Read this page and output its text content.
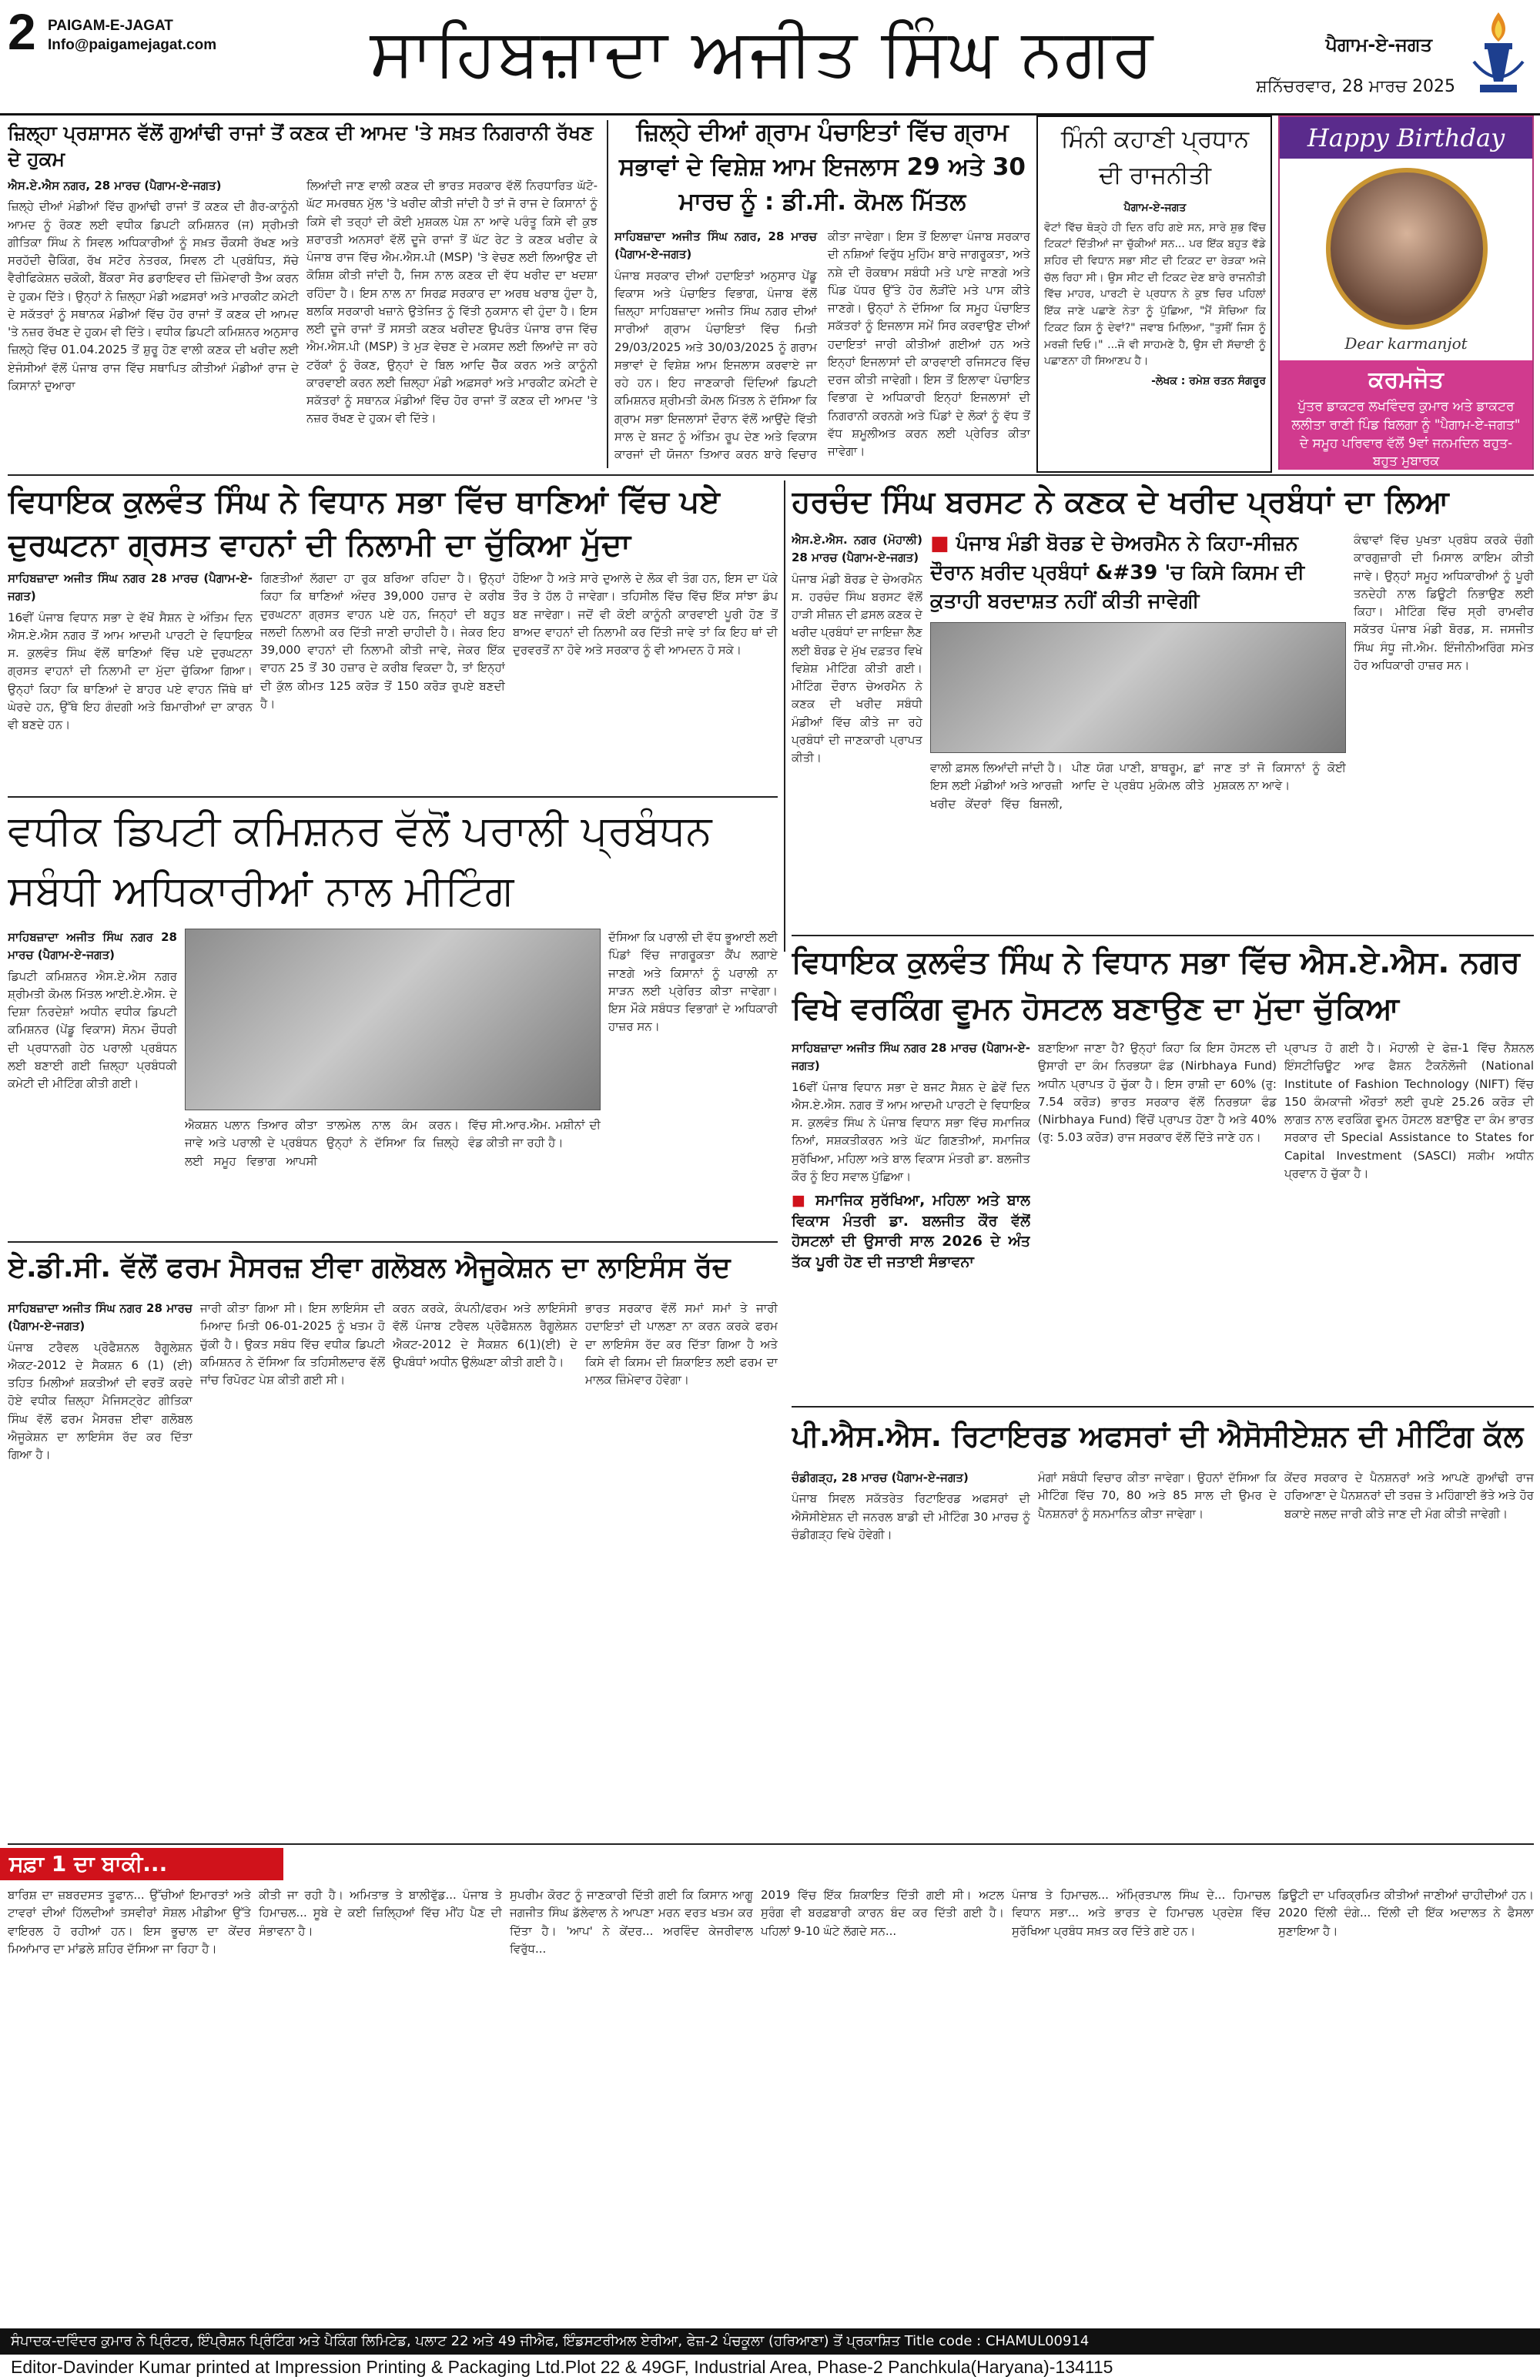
2 PAIGAM-E-JAGAT
Info@paigamejagat.com	ਸਾਹਿਬਜ਼ਾਦਾ ਅਜੀਤ ਸਿੰਘ ਨਗਰ	ਪੈਗਾਮ-ਏ-ਜਗਤ
ਸ਼ਨਿੱਚਰਵਾਰ, 28 ਮਾਰਚ 2025
ਜ਼ਿਲ੍ਹਾ ਪ੍ਰਸ਼ਾਸਨ ਵੱਲੋਂ ਗੁਆਂਢੀ ਰਾਜਾਂ ਤੋਂ ਕਣਕ ਦੀ ਆਮਦ 'ਤੇ ਸਖ਼ਤ ਨਿਗਰਾਨੀ ਰੱਖਣ ਦੇ ਹੁਕਮ

ਐਸ.ਏ.ਐਸ ਨਗਰ, 28 ਮਾਰਚ (ਪੈਗਾਮ-ਏ-ਜਗਤ)

ਜ਼ਿਲ੍ਹੇ ਦੀਆਂ ਮੰਡੀਆਂ ਵਿੱਚ ਗੁਆਂਢੀ ਰਾਜਾਂ ਤੋਂ ਕਣਕ ਦੀ ਗੈਰ-ਕਾਨੂੰਨੀ ਆਮਦ ਨੂੰ ਰੋਕਣ ਲਈ ਵਧੀਕ ਡਿਪਟੀ ਕਮਿਸ਼ਨਰ (ਜ) ਸ੍ਰੀਮਤੀ ਗੀਤਿਕਾ ਸਿੰਘ ਨੇ ਸਿਵਲ ਅਧਿਕਾਰੀਆਂ ਨੂੰ ਸਖ਼ਤ ਚੌਕਸੀ ਰੱਖਣ ਅਤੇ ਸਰਹੱਦੀ ਚੈਕਿੰਗ, ਰੱਖ ਸਟੋਰ ਨੇਤਰਕ, ਸਿਵਲ ਟੀ ਪ੍ਰਬੰਧਿਤ, ਸੱਚੇ ਵੈਰੀਫਿਕੇਸ਼ਨ ਚਕੋਕੀ, ਬੈਂਕਰਾ ਸੋਰ ਡਰਾਇਵਰ ਦੀ ਜ਼ਿੰਮੇਵਾਰੀ ਤੈਅ ਕਰਨ ਦੇ ਹੁਕਮ ਦਿੱਤੇ। ਉਨ੍ਹਾਂ ਨੇ ਜ਼ਿਲ੍ਹਾ ਮੰਡੀ ਅਫ਼ਸਰਾਂ ਅਤੇ ਮਾਰਕੀਟ ਕਮੇਟੀ ਦੇ ਸਕੱਤਰਾਂ ਨੂੰ ਸਥਾਨਕ ਮੰਡੀਆਂ ਵਿੱਚ ਹੋਰ ਰਾਜਾਂ ਤੋਂ ਕਣਕ ਦੀ ਆਮਦ 'ਤੇ ਨਜ਼ਰ ਰੱਖਣ ਦੇ ਹੁਕਮ ਵੀ ਦਿੱਤੇ। ਵਧੀਕ ਡਿਪਟੀ ਕਮਿਸ਼ਨਰ ਅਨੁਸਾਰ ਜ਼ਿਲ੍ਹੇ ਵਿੱਚ 01.04.2025 ਤੋਂ ਸ਼ੁਰੂ ਹੋਣ ਵਾਲੀ ਕਣਕ ਦੀ ਖਰੀਦ ਲਈ ਏਜੰਸੀਆਂ ਵੱਲੋਂ ਪੰਜਾਬ ਰਾਜ ਵਿੱਚ ਸਥਾਪਿਤ ਕੀਤੀਆਂ ਮੰਡੀਆਂ ਰਾਜ ਦੇ ਕਿਸਾਨਾਂ ਦੁਆਰਾ

ਲਿਆਂਦੀ ਜਾਣ ਵਾਲੀ ਕਣਕ ਦੀ ਭਾਰਤ ਸਰਕਾਰ ਵੱਲੋਂ ਨਿਰਧਾਰਿਤ ਘੱਟੋ-ਘੱਟ ਸਮਰਥਨ ਮੁੱਲ 'ਤੇ ਖਰੀਦ ਕੀਤੀ ਜਾਂਦੀ ਹੈ ਤਾਂ ਜੋ ਰਾਜ ਦੇ ਕਿਸਾਨਾਂ ਨੂੰ ਕਿਸੇ ਵੀ ਤਰ੍ਹਾਂ ਦੀ ਕੋਈ ਮੁਸ਼ਕਲ ਪੇਸ਼ ਨਾ ਆਵੇ ਪਰੰਤੂ ਕਿਸੇ ਵੀ ਕੁਝ ਸ਼ਰਾਰਤੀ ਅਨਸਰਾਂ ਵੱਲੋਂ ਦੂਜੇ ਰਾਜਾਂ ਤੋਂ ਘੱਟ ਰੇਟ ਤੇ ਕਣਕ ਖਰੀਦ ਕੇ ਪੰਜਾਬ ਰਾਜ ਵਿੱਚ ਐਮ.ਐਸ.ਪੀ (MSP) 'ਤੇ ਵੇਚਣ ਲਈ ਲਿਆਉਣ ਦੀ ਕੋਸ਼ਿਸ਼ ਕੀਤੀ ਜਾਂਦੀ ਹੈ, ਜਿਸ ਨਾਲ ਕਣਕ ਦੀ ਵੱਧ ਖਰੀਦ ਦਾ ਖਦਸ਼ਾ ਰਹਿੰਦਾ ਹੈ। ਇਸ ਨਾਲ ਨਾ ਸਿਰਫ਼ ਸਰਕਾਰ ਦਾ ਅਰਥ ਖਰਾਬ ਹੁੰਦਾ ਹੈ, ਬਲਕਿ ਸਰਕਾਰੀ ਖਜ਼ਾਨੇ ਉਤੇਜਿਤ ਨੂੰ ਵਿੱਤੀ ਨੁਕਸਾਨ ਵੀ ਹੁੰਦਾ ਹੈ। ਇਸ ਲਈ ਦੂਜੇ ਰਾਜਾਂ ਤੋਂ ਸਸਤੀ ਕਣਕ ਖਰੀਦਣ ਉਪਰੰਤ ਪੰਜਾਬ ਰਾਜ ਵਿੱਚ ਐਮ.ਐਸ.ਪੀ (MSP) ਤੇ ਮੁੜ ਵੇਚਣ ਦੇ ਮਕਸਦ ਲਈ ਲਿਆਂਦੇ ਜਾ ਰਹੇ ਟਰੱਕਾਂ ਨੂੰ ਰੋਕਣ, ਉਨ੍ਹਾਂ ਦੇ ਬਿਲ ਆਦਿ ਚੈੱਕ ਕਰਨ ਅਤੇ ਕਾਨੂੰਨੀ ਕਾਰਵਾਈ ਕਰਨ ਲਈ ਜ਼ਿਲ੍ਹਾ ਮੰਡੀ ਅਫ਼ਸਰਾਂ ਅਤੇ ਮਾਰਕੀਟ ਕਮੇਟੀ ਦੇ ਸਕੱਤਰਾਂ ਨੂੰ ਸਥਾਨਕ ਮੰਡੀਆਂ ਵਿੱਚ ਹੋਰ ਰਾਜਾਂ ਤੋਂ ਕਣਕ ਦੀ ਆਮਦ 'ਤੇ ਨਜ਼ਰ ਰੱਖਣ ਦੇ ਹੁਕਮ ਵੀ ਦਿੱਤੇ।

ਜ਼ਿਲ੍ਹੇ ਦੀਆਂ ਗ੍ਰਾਮ ਪੰਚਾਇਤਾਂ ਵਿੱਚ ਗ੍ਰਾਮ ਸਭਾਵਾਂ ਦੇ ਵਿਸ਼ੇਸ਼ ਆਮ ਇਜਲਾਸ 29 ਅਤੇ 30 ਮਾਰਚ ਨੂੰ : ਡੀ.ਸੀ. ਕੋਮਲ ਮਿੱਤਲ

ਸਾਹਿਬਜ਼ਾਦਾ ਅਜੀਤ ਸਿੰਘ ਨਗਰ, 28 ਮਾਰਚ (ਪੈਗਾਮ-ਏ-ਜਗਤ)

ਪੰਜਾਬ ਸਰਕਾਰ ਦੀਆਂ ਹਦਾਇਤਾਂ ਅਨੁਸਾਰ ਪੇਂਡੂ ਵਿਕਾਸ ਅਤੇ ਪੰਚਾਇਤ ਵਿਭਾਗ, ਪੰਜਾਬ ਵੱਲੋਂ ਜ਼ਿਲ੍ਹਾ ਸਾਹਿਬਜ਼ਾਦਾ ਅਜੀਤ ਸਿੰਘ ਨਗਰ ਦੀਆਂ ਸਾਰੀਆਂ ਗ੍ਰਾਮ ਪੰਚਾਇਤਾਂ ਵਿੱਚ ਮਿਤੀ 29/03/2025 ਅਤੇ 30/03/2025 ਨੂੰ ਗਰਾਮ ਸਭਾਵਾਂ ਦੇ ਵਿਸ਼ੇਸ਼ ਆਮ ਇਜਲਾਸ ਕਰਵਾਏ ਜਾ ਰਹੇ ਹਨ। ਇਹ ਜਾਣਕਾਰੀ ਦਿੰਦਿਆਂ ਡਿਪਟੀ ਕਮਿਸ਼ਨਰ ਸ਼੍ਰੀਮਤੀ ਕੋਮਲ ਮਿੱਤਲ ਨੇ ਦੱਸਿਆ ਕਿ ਗ੍ਰਾਮ ਸਭਾ ਇਜਲਾਸਾਂ ਦੌਰਾਨ ਵੱਲੋਂ ਆਉਂਦੇ ਵਿੱਤੀ ਸਾਲ ਦੇ ਬਜਟ ਨੂੰ ਅੰਤਿਮ ਰੂਪ ਦੇਣ ਅਤੇ ਵਿਕਾਸ ਕਾਰਜਾਂ ਦੀ ਯੋਜਨਾ ਤਿਆਰ ਕਰਨ ਬਾਰੇ ਵਿਚਾਰ ਕੀਤਾ ਜਾਵੇਗਾ। ਇਸ ਤੋਂ ਇਲਾਵਾ ਪੰਜਾਬ ਸਰਕਾਰ ਦੀ ਨਸ਼ਿਆਂ ਵਿਰੁੱਧ ਮੁਹਿੰਮ ਬਾਰੇ ਜਾਗਰੂਕਤਾ, ਅਤੇ ਨਸ਼ੇ ਦੀ ਰੋਕਥਾਮ ਸਬੰਧੀ ਮਤੇ ਪਾਏ ਜਾਣਗੇ ਅਤੇ ਪਿੰਡ ਪੱਧਰ ਉੱਤੇ ਹੋਰ ਲੋੜੀਂਦੇ ਮਤੇ ਪਾਸ ਕੀਤੇ ਜਾਣਗੇ। ਉਨ੍ਹਾਂ ਨੇ ਦੱਸਿਆ ਕਿ ਸਮੂਹ ਪੰਚਾਇਤ ਸਕੱਤਰਾਂ ਨੂੰ ਇਜਲਾਸ ਸਮੇਂ ਸਿਰ ਕਰਵਾਉਣ ਦੀਆਂ ਹਦਾਇਤਾਂ ਜਾਰੀ ਕੀਤੀਆਂ ਗਈਆਂ ਹਨ ਅਤੇ ਇਨ੍ਹਾਂ ਇਜਲਾਸਾਂ ਦੀ ਕਾਰਵਾਈ ਰਜਿਸਟਰ ਵਿੱਚ ਦਰਜ ਕੀਤੀ ਜਾਵੇਗੀ। ਇਸ ਤੋਂ ਇਲਾਵਾ ਪੰਚਾਇਤ ਵਿਭਾਗ ਦੇ ਅਧਿਕਾਰੀ ਇਨ੍ਹਾਂ ਇਜਲਾਸਾਂ ਦੀ ਨਿਗਰਾਨੀ ਕਰਨਗੇ ਅਤੇ ਪਿੰਡਾਂ ਦੇ ਲੋਕਾਂ ਨੂੰ ਵੱਧ ਤੋਂ ਵੱਧ ਸ਼ਮੂਲੀਅਤ ਕਰਨ ਲਈ ਪ੍ਰੇਰਿਤ ਕੀਤਾ ਜਾਵੇਗਾ।

ਮਿੰਨੀ ਕਹਾਣੀ ਪ੍ਰਧਾਨ ਦੀ ਰਾਜਨੀਤੀ

ਪੈਗਾਮ-ਏ-ਜਗਤ

ਵੋਟਾਂ ਵਿੱਚ ਥੋੜ੍ਹੇ ਹੀ ਦਿਨ ਰਹਿ ਗਏ ਸਨ, ਸਾਰੇ ਸ਼ੁਭ ਵਿੱਚ ਟਿਕਟਾਂ ਦਿੱਤੀਆਂ ਜਾ ਚੁੱਕੀਆਂ ਸਨ... ਪਰ ਇੱਕ ਬਹੁਤ ਵੱਡੇ ਸ਼ਹਿਰ ਦੀ ਵਿਧਾਨ ਸਭਾ ਸੀਟ ਦੀ ਟਿਕਟ ਦਾ ਰੇੜਕਾ ਅਜੇ ਚੱਲ ਰਿਹਾ ਸੀ। ਉਸ ਸੀਟ ਦੀ ਟਿਕਟ ਦੇਣ ਬਾਰੇ ਰਾਜਨੀਤੀ ਵਿੱਚ ਮਾਹਰ, ਪਾਰਟੀ ਦੇ ਪ੍ਰਧਾਨ ਨੇ ਕੁਝ ਚਿਰ ਪਹਿਲਾਂ ਇੱਕ ਜਾਣੇ ਪਛਾਣੇ ਨੇਤਾ ਨੂੰ ਪੁੱਛਿਆ, "ਮੈਂ ਸੋਚਿਆ ਕਿ ਟਿਕਟ ਕਿਸ ਨੂੰ ਦੇਵਾਂ?" ਜਵਾਬ ਮਿਲਿਆ, "ਤੁਸੀਂ ਜਿਸ ਨੂੰ ਮਰਜ਼ੀ ਦਿਓ।" ...ਜੋ ਵੀ ਸਾਹਮਣੇ ਹੈ, ਉਸ ਦੀ ਸੱਚਾਈ ਨੂੰ ਪਛਾਣਨਾ ਹੀ ਸਿਆਣਪ ਹੈ।

-ਲੇਖਕ : ਰਮੇਸ਼ ਰਤਨ ਸੰਗਰੂਰ

Happy Birthday
Dear karmanjot
ਕਰਮਜੋਤ
ਪੁੱਤਰ ਡਾਕਟਰ ਲਖਵਿੰਦਰ ਕੁਮਾਰ ਅਤੇ ਡਾਕਟਰ ਲਲੀਤਾ ਰਾਣੀ ਪਿੰਡ ਬਿਲਗਾ ਨੂੰ "ਪੈਗਾਮ-ਏ-ਜਗਤ" ਦੇ ਸਮੂਹ ਪਰਿਵਾਰ ਵੱਲੋਂ 9ਵਾਂ ਜਨਮਦਿਨ ਬਹੁਤ-ਬਹੁਤ ਮੁਬਾਰਕ
ਵਿਧਾਇਕ ਕੁਲਵੰਤ ਸਿੰਘ ਨੇ ਵਿਧਾਨ ਸਭਾ ਵਿੱਚ ਥਾਣਿਆਂ ਵਿੱਚ ਪਏ ਦੁਰਘਟਨਾ ਗ੍ਰਸਤ ਵਾਹਨਾਂ ਦੀ ਨਿਲਾਮੀ ਦਾ ਚੁੱਕਿਆ ਮੁੱਦਾ

ਸਾਹਿਬਜ਼ਾਦਾ ਅਜੀਤ ਸਿੰਘ ਨਗਰ 28 ਮਾਰਚ (ਪੈਗਾਮ-ਏ-ਜਗਤ)

16ਵੀਂ ਪੰਜਾਬ ਵਿਧਾਨ ਸਭਾ ਦੇ ਵੱਖੋਂ ਸੈਸ਼ਨ ਦੇ ਅੰਤਿਮ ਦਿਨ ਐਸ.ਏ.ਐਸ ਨਗਰ ਤੋਂ ਆਮ ਆਦਮੀ ਪਾਰਟੀ ਦੇ ਵਿਧਾਇਕ ਸ. ਕੁਲਵੰਤ ਸਿੰਘ ਵੱਲੋਂ ਥਾਣਿਆਂ ਵਿੱਚ ਪਏ ਦੁਰਘਟਨਾ ਗ੍ਰਸਤ ਵਾਹਨਾਂ ਦੀ ਨਿਲਾਮੀ ਦਾ ਮੁੱਦਾ ਚੁੱਕਿਆ ਗਿਆ। ਉਨ੍ਹਾਂ ਕਿਹਾ ਕਿ ਥਾਣਿਆਂ ਦੇ ਬਾਹਰ ਪਏ ਵਾਹਨ ਜਿੱਥੇ ਥਾਂ ਘੇਰਦੇ ਹਨ, ਉੱਥੇ ਇਹ ਗੰਦਗੀ ਅਤੇ ਬਿਮਾਰੀਆਂ ਦਾ ਕਾਰਨ ਵੀ ਬਣਦੇ ਹਨ।

ਗਿਣਤੀਆਂ ਲੱਗਦਾ ਹਾ ਰੁਕ ਬਰਿਆ ਰਹਿਦਾ ਹੈ। ਉਨ੍ਹਾਂ ਕਿਹਾ ਕਿ ਥਾਣਿਆਂ ਅੰਦਰ 39,000 ਹਜ਼ਾਰ ਦੇ ਕਰੀਬ ਦੁਰਘਟਨਾ ਗ੍ਰਸਤ ਵਾਹਨ ਪਏ ਹਨ, ਜਿਨ੍ਹਾਂ ਦੀ ਬਹੁਤ ਜਲਦੀ ਨਿਲਾਮੀ ਕਰ ਦਿੱਤੀ ਜਾਣੀ ਚਾਹੀਦੀ ਹੈ। ਜੇਕਰ ਇਹ 39,000 ਵਾਹਨਾਂ ਦੀ ਨਿਲਾਮੀ ਕੀਤੀ ਜਾਵੇ, ਜੇਕਰ ਇੱਕ ਵਾਹਨ 25 ਤੋਂ 30 ਹਜ਼ਾਰ ਦੇ ਕਰੀਬ ਵਿਕਦਾ ਹੈ, ਤਾਂ ਇਨ੍ਹਾਂ ਦੀ ਕੁੱਲ ਕੀਮਤ 125 ਕਰੋੜ ਤੋਂ 150 ਕਰੋੜ ਰੁਪਏ ਬਣਦੀ ਹੈ।

ਹੋਇਆ ਹੈ ਅਤੇ ਸਾਰੇ ਦੁਆਲੇ ਦੇ ਲੋਕ ਵੀ ਤੰਗ ਹਨ, ਇਸ ਦਾ ਪੱਕੇ ਤੌਰ ਤੇ ਹੱਲ ਹੋ ਜਾਵੇਗਾ। ਤਹਿਸੀਲ ਵਿੱਚ ਵਿੱਚ ਇੱਕ ਸਾਂਝਾ ਡੰਪ ਬਣ ਜਾਵੇਗਾ। ਜਦੋਂ ਵੀ ਕੋਈ ਕਾਨੂੰਨੀ ਕਾਰਵਾਈ ਪੂਰੀ ਹੋਣ ਤੋਂ ਬਾਅਦ ਵਾਹਨਾਂ ਦੀ ਨਿਲਾਮੀ ਕਰ ਦਿੱਤੀ ਜਾਵੇ ਤਾਂ ਕਿ ਇਹ ਥਾਂ ਦੀ ਦੁਰਵਰਤੋਂ ਨਾ ਹੋਵੇ ਅਤੇ ਸਰਕਾਰ ਨੂੰ ਵੀ ਆਮਦਨ ਹੋ ਸਕੇ।

ਹਰਚੰਦ ਸਿੰਘ ਬਰਸਟ ਨੇ ਕਣਕ ਦੇ ਖਰੀਦ ਪ੍ਰਬੰਧਾਂ ਦਾ ਲਿਆ

ਐਸ.ਏ.ਐਸ. ਨਗਰ (ਮੋਹਾਲੀ) 28 ਮਾਰਚ (ਪੈਗਾਮ-ਏ-ਜਗਤ)

ਪੰਜਾਬ ਮੰਡੀ ਬੋਰਡ ਦੇ ਚੇਅਰਮੈਨ ਸ. ਹਰਚੰਦ ਸਿੰਘ ਬਰਸਟ ਵੱਲੋਂ ਹਾੜੀ ਸੀਜ਼ਨ ਦੀ ਫ਼ਸਲ ਕਣਕ ਦੇ ਖਰੀਦ ਪ੍ਰਬੰਧਾਂ ਦਾ ਜਾਇਜ਼ਾ ਲੈਣ ਲਈ ਬੋਰਡ ਦੇ ਮੁੱਖ ਦਫ਼ਤਰ ਵਿਖੇ ਵਿਸ਼ੇਸ਼ ਮੀਟਿੰਗ ਕੀਤੀ ਗਈ। ਮੀਟਿੰਗ ਦੌਰਾਨ ਚੇਅਰਮੈਨ ਨੇ ਕਣਕ ਦੀ ਖਰੀਦ ਸਬੰਧੀ ਮੰਡੀਆਂ ਵਿੱਚ ਕੀਤੇ ਜਾ ਰਹੇ ਪ੍ਰਬੰਧਾਂ ਦੀ ਜਾਣਕਾਰੀ ਪ੍ਰਾਪਤ ਕੀਤੀ।

■ ਪੰਜਾਬ ਮੰਡੀ ਬੋਰਡ ਦੇ ਚੇਅਰਮੈਨ ਨੇ ਕਿਹਾ-ਸੀਜ਼ਨ ਦੌਰਾਨ ਖ਼ਰੀਦ ਪ੍ਰਬੰਧਾਂ &#39 'ਚ ਕਿਸੇ ਕਿਸਮ ਦੀ ਕੁਤਾਹੀ ਬਰਦਾਸ਼ਤ ਨਹੀਂ ਕੀਤੀ ਜਾਵੇਗੀ

ਵਾਲੀ ਫ਼ਸਲ ਲਿਆਂਦੀ ਜਾਂਦੀ ਹੈ। ਇਸ ਲਈ ਮੰਡੀਆਂ ਅਤੇ ਆਰਜ਼ੀ ਖਰੀਦ ਕੇਂਦਰਾਂ ਵਿੱਚ ਬਿਜਲੀ, ਪੀਣ ਯੋਗ ਪਾਣੀ, ਬਾਥਰੂਮ, ਛਾਂ ਆਦਿ ਦੇ ਪ੍ਰਬੰਧ ਮੁਕੰਮਲ ਕੀਤੇ ਜਾਣ ਤਾਂ ਜੋ ਕਿਸਾਨਾਂ ਨੂੰ ਕੋਈ ਮੁਸ਼ਕਲ ਨਾ ਆਵੇ।

ਕੰਢਾਵਾਂ ਵਿੱਚ ਪੁਖਤਾ ਪ੍ਰਬੰਧ ਕਰਕੇ ਚੰਗੀ ਕਾਰਗੁਜ਼ਾਰੀ ਦੀ ਮਿਸਾਲ ਕਾਇਮ ਕੀਤੀ ਜਾਵੇ। ਉਨ੍ਹਾਂ ਸਮੂਹ ਅਧਿਕਾਰੀਆਂ ਨੂੰ ਪੂਰੀ ਤਨਦੇਹੀ ਨਾਲ ਡਿਊਟੀ ਨਿਭਾਉਣ ਲਈ ਕਿਹਾ। ਮੀਟਿੰਗ ਵਿੱਚ ਸ੍ਰੀ ਰਾਮਵੀਰ ਸਕੱਤਰ ਪੰਜਾਬ ਮੰਡੀ ਬੋਰਡ, ਸ. ਜਸਜੀਤ ਸਿੰਘ ਸੰਧੂ ਜੀ.ਐਮ. ਇੰਜੀਨੀਅਰਿੰਗ ਸਮੇਤ ਹੋਰ ਅਧਿਕਾਰੀ ਹਾਜ਼ਰ ਸਨ।

ਵਧੀਕ ਡਿਪਟੀ ਕਮਿਸ਼ਨਰ ਵੱਲੋਂ ਪਰਾਲੀ ਪ੍ਰਬੰਧਨ ਸਬੰਧੀ ਅਧਿਕਾਰੀਆਂ ਨਾਲ ਮੀਟਿੰਗ

ਸਾਹਿਬਜ਼ਾਦਾ ਅਜੀਤ ਸਿੰਘ ਨਗਰ 28 ਮਾਰਚ (ਪੈਗਾਮ-ਏ-ਜਗਤ)

ਡਿਪਟੀ ਕਮਿਸ਼ਨਰ ਐਸ.ਏ.ਐਸ ਨਗਰ ਸ਼੍ਰੀਮਤੀ ਕੋਮਲ ਮਿੱਤਲ ਆਈ.ਏ.ਐਸ. ਦੇ ਦਿਸ਼ਾ ਨਿਰਦੇਸ਼ਾਂ ਅਧੀਨ ਵਧੀਕ ਡਿਪਟੀ ਕਮਿਸ਼ਨਰ (ਪੇਂਡੂ ਵਿਕਾਸ) ਸੋਨਮ ਚੌਧਰੀ ਦੀ ਪ੍ਰਧਾਨਗੀ ਹੇਠ ਪਰਾਲੀ ਪ੍ਰਬੰਧਨ ਲਈ ਬਣਾਈ ਗਈ ਜ਼ਿਲ੍ਹਾ ਪ੍ਰਬੰਧਕੀ ਕਮੇਟੀ ਦੀ ਮੀਟਿੰਗ ਕੀਤੀ ਗਈ।

ਐਕਸ਼ਨ ਪਲਾਨ ਤਿਆਰ ਕੀਤਾ ਜਾਵੇ ਅਤੇ ਪਰਾਲੀ ਦੇ ਪ੍ਰਬੰਧਨ ਲਈ ਸਮੂਹ ਵਿਭਾਗ ਆਪਸੀ ਤਾਲਮੇਲ ਨਾਲ ਕੰਮ ਕਰਨ। ਉਨ੍ਹਾਂ ਨੇ ਦੱਸਿਆ ਕਿ ਜ਼ਿਲ੍ਹੇ ਵਿੱਚ ਸੀ.ਆਰ.ਐਮ. ਮਸ਼ੀਨਾਂ ਦੀ ਵੰਡ ਕੀਤੀ ਜਾ ਰਹੀ ਹੈ।

ਦੱਸਿਆ ਕਿ ਪਰਾਲੀ ਦੀ ਵੱਧ ਭੂਆਈ ਲਈ ਪਿੰਡਾਂ ਵਿੱਚ ਜਾਗਰੂਕਤਾ ਕੈਂਪ ਲਗਾਏ ਜਾਣਗੇ ਅਤੇ ਕਿਸਾਨਾਂ ਨੂੰ ਪਰਾਲੀ ਨਾ ਸਾੜਨ ਲਈ ਪ੍ਰੇਰਿਤ ਕੀਤਾ ਜਾਵੇਗਾ। ਇਸ ਮੌਕੇ ਸਬੰਧਤ ਵਿਭਾਗਾਂ ਦੇ ਅਧਿਕਾਰੀ ਹਾਜ਼ਰ ਸਨ।

ਵਿਧਾਇਕ ਕੁਲਵੰਤ ਸਿੰਘ ਨੇ ਵਿਧਾਨ ਸਭਾ ਵਿੱਚ ਐਸ.ਏ.ਐਸ. ਨਗਰ ਵਿਖੇ ਵਰਕਿੰਗ ਵੂਮਨ ਹੋਸਟਲ ਬਣਾਉਣ ਦਾ ਮੁੱਦਾ ਚੁੱਕਿਆ

ਸਾਹਿਬਜ਼ਾਦਾ ਅਜੀਤ ਸਿੰਘ ਨਗਰ 28 ਮਾਰਚ (ਪੈਗਾਮ-ਏ-ਜਗਤ)

16ਵੀਂ ਪੰਜਾਬ ਵਿਧਾਨ ਸਭਾ ਦੇ ਬਜਟ ਸੈਸ਼ਨ ਦੇ ਛੇਵੇਂ ਦਿਨ ਐਸ.ਏ.ਐਸ. ਨਗਰ ਤੋਂ ਆਮ ਆਦਮੀ ਪਾਰਟੀ ਦੇ ਵਿਧਾਇਕ ਸ. ਕੁਲਵੰਤ ਸਿੰਘ ਨੇ ਪੰਜਾਬ ਵਿਧਾਨ ਸਭਾ ਵਿੱਚ ਸਮਾਜਿਕ ਨਿਆਂ, ਸਸ਼ਕਤੀਕਰਨ ਅਤੇ ਘੱਟ ਗਿਣਤੀਆਂ, ਸਮਾਜਿਕ ਸੁਰੱਖਿਆ, ਮਹਿਲਾ ਅਤੇ ਬਾਲ ਵਿਕਾਸ ਮੰਤਰੀ ਡਾ. ਬਲਜੀਤ ਕੌਰ ਨੂੰ ਇਹ ਸਵਾਲ ਪੁੱਛਿਆ।

■ ਸਮਾਜਿਕ ਸੁਰੱਖਿਆ, ਮਹਿਲਾ ਅਤੇ ਬਾਲ ਵਿਕਾਸ ਮੰਤਰੀ ਡਾ. ਬਲਜੀਤ ਕੌਰ ਵੱਲੋਂ ਹੋਸਟਲਾਂ ਦੀ ਉਸਾਰੀ ਸਾਲ 2026 ਦੇ ਅੰਤ ਤੱਕ ਪੂਰੀ ਹੋਣ ਦੀ ਜਤਾਈ ਸੰਭਾਵਨਾ

ਬਣਾਇਆ ਜਾਣਾ ਹੈ? ਉਨ੍ਹਾਂ ਕਿਹਾ ਕਿ ਇਸ ਹੋਸਟਲ ਦੀ ਉਸਾਰੀ ਦਾ ਕੰਮ ਨਿਰਭਯਾ ਫੰਡ (Nirbhaya Fund) ਅਧੀਨ ਪ੍ਰਾਪਤ ਹੋ ਚੁੱਕਾ ਹੈ। ਇਸ ਰਾਸ਼ੀ ਦਾ 60% (ਰੁ: 7.54 ਕਰੋੜ) ਭਾਰਤ ਸਰਕਾਰ ਵੱਲੋਂ ਨਿਰਭਯਾ ਫੰਡ (Nirbhaya Fund) ਵਿੱਚੋਂ ਪ੍ਰਾਪਤ ਹੋਣਾ ਹੈ ਅਤੇ 40% (ਰੁ: 5.03 ਕਰੋੜ) ਰਾਜ ਸਰਕਾਰ ਵੱਲੋਂ ਦਿੱਤੇ ਜਾਣੇ ਹਨ।

ਪ੍ਰਾਪਤ ਹੋ ਗਈ ਹੈ। ਮੋਹਾਲੀ ਦੇ ਫੇਜ਼-1 ਵਿੱਚ ਨੈਸ਼ਨਲ ਇੰਸਟੀਚਿਊਟ ਆਫ ਫੈਸ਼ਨ ਟੈਕਨੋਲੋਜੀ (National Institute of Fashion Technology (NIFT) ਵਿੱਚ 150 ਕੰਮਕਾਜੀ ਔਰਤਾਂ ਲਈ ਰੁਪਏ 25.26 ਕਰੋੜ ਦੀ ਲਾਗਤ ਨਾਲ ਵਰਕਿੰਗ ਵੂਮਨ ਹੋਸਟਲ ਬਣਾਉਣ ਦਾ ਕੰਮ ਭਾਰਤ ਸਰਕਾਰ ਦੀ Special Assistance to States for Capital Investment (SASCI) ਸਕੀਮ ਅਧੀਨ ਪ੍ਰਵਾਨ ਹੋ ਚੁੱਕਾ ਹੈ।

ਏ.ਡੀ.ਸੀ. ਵੱਲੋਂ ਫਰਮ ਮੈਸਰਜ਼ ਈਵਾ ਗਲੋਬਲ ਐਜੂਕੇਸ਼ਨ ਦਾ ਲਾਇਸੰਸ ਰੱਦ

ਸਾਹਿਬਜ਼ਾਦਾ ਅਜੀਤ ਸਿੰਘ ਨਗਰ 28 ਮਾਰਚ (ਪੈਗਾਮ-ਏ-ਜਗਤ)

ਪੰਜਾਬ ਟਰੈਵਲ ਪ੍ਰੋਫੈਸ਼ਨਲ ਰੈਗੂਲੇਸ਼ਨ ਐਕਟ-2012 ਦੇ ਸੈਕਸ਼ਨ 6 (1) (ਈ) ਤਹਿਤ ਮਿਲੀਆਂ ਸ਼ਕਤੀਆਂ ਦੀ ਵਰਤੋਂ ਕਰਦੇ ਹੋਏ ਵਧੀਕ ਜ਼ਿਲ੍ਹਾ ਮੈਜਿਸਟ੍ਰੇਟ ਗੀਤਿਕਾ ਸਿੰਘ ਵੱਲੋਂ ਫਰਮ ਮੈਸਰਜ਼ ਈਵਾ ਗਲੋਬਲ ਐਜੂਕੇਸ਼ਨ ਦਾ ਲਾਇਸੰਸ ਰੱਦ ਕਰ ਦਿੱਤਾ ਗਿਆ ਹੈ।

ਜਾਰੀ ਕੀਤਾ ਗਿਆ ਸੀ। ਇਸ ਲਾਇਸੰਸ ਦੀ ਮਿਆਦ ਮਿਤੀ 06-01-2025 ਨੂੰ ਖਤਮ ਹੋ ਚੁੱਕੀ ਹੈ। ਉਕਤ ਸਬੰਧ ਵਿੱਚ ਵਧੀਕ ਡਿਪਟੀ ਕਮਿਸ਼ਨਰ ਨੇ ਦੱਸਿਆ ਕਿ ਤਹਿਸੀਲਦਾਰ ਵੱਲੋਂ ਜਾਂਚ ਰਿਪੋਰਟ ਪੇਸ਼ ਕੀਤੀ ਗਈ ਸੀ।

ਕਰਨ ਕਰਕੇ, ਕੰਪਨੀ/ਫਰਮ ਅਤੇ ਲਾਇਸੰਸੀ ਵੱਲੋਂ ਪੰਜਾਬ ਟਰੈਵਲ ਪ੍ਰੋਫੈਸ਼ਨਲ ਰੈਗੂਲੇਸ਼ਨ ਐਕਟ-2012 ਦੇ ਸੈਕਸ਼ਨ 6(1)(ਈ) ਦੇ ਉਪਬੰਧਾਂ ਅਧੀਨ ਉਲੰਘਣਾ ਕੀਤੀ ਗਈ ਹੈ।

ਭਾਰਤ ਸਰਕਾਰ ਵੱਲੋਂ ਸਮਾਂ ਸਮਾਂ ਤੇ ਜਾਰੀ ਹਦਾਇਤਾਂ ਦੀ ਪਾਲਣਾ ਨਾ ਕਰਨ ਕਰਕੇ ਫਰਮ ਦਾ ਲਾਇਸੰਸ ਰੱਦ ਕਰ ਦਿੱਤਾ ਗਿਆ ਹੈ ਅਤੇ ਕਿਸੇ ਵੀ ਕਿਸਮ ਦੀ ਸ਼ਿਕਾਇਤ ਲਈ ਫਰਮ ਦਾ ਮਾਲਕ ਜ਼ਿੰਮੇਵਾਰ ਹੋਵੇਗਾ।

ਪੀ.ਐਸ.ਐਸ. ਰਿਟਾਇਰਡ ਅਫਸਰਾਂ ਦੀ ਐਸੋਸੀਏਸ਼ਨ ਦੀ ਮੀਟਿੰਗ ਕੱਲ

ਚੰਡੀਗੜ੍ਹ, 28 ਮਾਰਚ (ਪੈਗਾਮ-ਏ-ਜਗਤ)

ਪੰਜਾਬ ਸਿਵਲ ਸਕੱਤਰੇਤ ਰਿਟਾਇਰਡ ਅਫਸਰਾਂ ਦੀ ਐਸੋਸੀਏਸ਼ਨ ਦੀ ਜਨਰਲ ਬਾਡੀ ਦੀ ਮੀਟਿੰਗ 30 ਮਾਰਚ ਨੂੰ ਚੰਡੀਗੜ੍ਹ ਵਿਖੇ ਹੋਵੇਗੀ।

ਮੰਗਾਂ ਸਬੰਧੀ ਵਿਚਾਰ ਕੀਤਾ ਜਾਵੇਗਾ। ਉਹਨਾਂ ਦੱਸਿਆ ਕਿ ਮੀਟਿੰਗ ਵਿੱਚ 70, 80 ਅਤੇ 85 ਸਾਲ ਦੀ ਉਮਰ ਦੇ ਪੈਨਸ਼ਨਰਾਂ ਨੂੰ ਸਨਮਾਨਿਤ ਕੀਤਾ ਜਾਵੇਗਾ।

ਕੇਂਦਰ ਸਰਕਾਰ ਦੇ ਪੈਨਸ਼ਨਰਾਂ ਅਤੇ ਆਪਣੇ ਗੁਆਂਢੀ ਰਾਜ ਹਰਿਆਣਾ ਦੇ ਪੈਨਸ਼ਨਰਾਂ ਦੀ ਤਰਜ਼ ਤੇ ਮਹਿੰਗਾਈ ਭੱਤੇ ਅਤੇ ਹੋਰ ਬਕਾਏ ਜਲਦ ਜਾਰੀ ਕੀਤੇ ਜਾਣ ਦੀ ਮੰਗ ਕੀਤੀ ਜਾਵੇਗੀ।

ਸਫ਼ਾ 1 ਦਾ ਬਾਕੀ...

ਬਾਰਿਸ਼ ਦਾ ਜ਼ਬਰਦਸਤ ਤੂਫਾਨ... ਉੱਚੀਆਂ ਇਮਾਰਤਾਂ ਅਤੇ ਟਾਵਰਾਂ ਦੀਆਂ ਹਿੱਲਦੀਆਂ ਤਸਵੀਰਾਂ ਸੋਸ਼ਲ ਮੀਡੀਆ ਉੱਤੇ ਵਾਇਰਲ ਹੋ ਰਹੀਆਂ ਹਨ। ਇਸ ਭੂਚਾਲ ਦਾ ਕੇਂਦਰ ਮਿਆਂਮਾਰ ਦਾ ਮਾਂਡਲੇ ਸ਼ਹਿਰ ਦੱਸਿਆ ਜਾ ਰਿਹਾ ਹੈ।

ਕੀਤੀ ਜਾ ਰਹੀ ਹੈ। ਅਮਿਤਾਭ ਤੇ ਬਾਲੀਵੁੱਡ... ਪੰਜਾਬ ਤੇ ਹਿਮਾਚਲ... ਸੂਬੇ ਦੇ ਕਈ ਜ਼ਿਲ੍ਹਿਆਂ ਵਿੱਚ ਮੀਂਹ ਪੈਣ ਦੀ ਸੰਭਾਵਨਾ ਹੈ।

ਸੁਪਰੀਮ ਕੋਰਟ ਨੂੰ ਜਾਣਕਾਰੀ ਦਿੱਤੀ ਗਈ ਕਿ ਕਿਸਾਨ ਆਗੂ ਜਗਜੀਤ ਸਿੰਘ ਡੱਲੇਵਾਲ ਨੇ ਆਪਣਾ ਮਰਨ ਵਰਤ ਖਤਮ ਕਰ ਦਿੱਤਾ ਹੈ। 'ਆਪ' ਨੇ ਕੇਂਦਰ... ਅਰਵਿੰਦ ਕੇਜਰੀਵਾਲ ਵਿਰੁੱਧ...

2019 ਵਿੱਚ ਇੱਕ ਸ਼ਿਕਾਇਤ ਦਿੱਤੀ ਗਈ ਸੀ। ਅਟਲ ਸੁਰੰਗ ਵੀ ਬਰਫ਼ਬਾਰੀ ਕਾਰਨ ਬੰਦ ਕਰ ਦਿੱਤੀ ਗਈ ਹੈ। ਪਹਿਲਾਂ 9-10 ਘੰਟੇ ਲੱਗਦੇ ਸਨ...

ਪੰਜਾਬ ਤੇ ਹਿਮਾਚਲ... ਅੰਮ੍ਰਿਤਪਾਲ ਸਿੰਘ ਦੇ... ਹਿਮਾਚਲ ਵਿਧਾਨ ਸਭਾ... ਅਤੇ ਭਾਰਤ ਦੇ ਹਿਮਾਚਲ ਪ੍ਰਦੇਸ਼ ਵਿੱਚ ਸੁਰੱਖਿਆ ਪ੍ਰਬੰਧ ਸਖ਼ਤ ਕਰ ਦਿੱਤੇ ਗਏ ਹਨ।

ਡਿਊਟੀ ਦਾ ਪਰਿਕ੍ਰਮਿਤ ਕੀਤੀਆਂ ਜਾਣੀਆਂ ਚਾਹੀਦੀਆਂ ਹਨ। 2020 ਦਿੱਲੀ ਦੰਗੇ... ਦਿੱਲੀ ਦੀ ਇੱਕ ਅਦਾਲਤ ਨੇ ਫੈਸਲਾ ਸੁਣਾਇਆ ਹੈ।

ਸੰਪਾਦਕ-ਦਵਿੰਦਰ ਕੁਮਾਰ ਨੇ ਪ੍ਰਿੰਟਰ, ਇੰਪ੍ਰੈਸ਼ਨ ਪ੍ਰਿੰਟਿੰਗ ਅਤੇ ਪੈਕਿੰਗ ਲਿਮਿਟੇਡ, ਪਲਾਟ 22 ਅਤੇ 49 ਜੀਐਫ, ਇੰਡਸਟਰੀਅਲ ਏਰੀਆ, ਫੇਜ਼-2 ਪੰਚਕੂਲਾ (ਹਰਿਆਣਾ) ਤੋਂ ਪ੍ਰਕਾਸ਼ਿਤ Title code : CHAMUL00914
Editor-Davinder Kumar printed at Impression Printing & Packaging Ltd.Plot 22 & 49GF, Industrial Area, Phase-2 Panchkula(Haryana)-134115
